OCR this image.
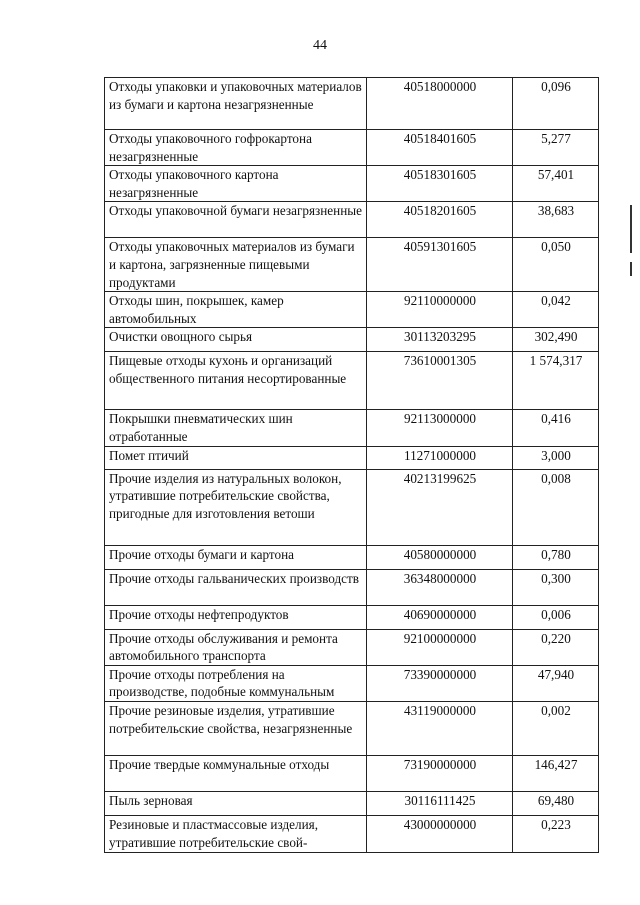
44
Отходы упаковки и упаковочных материалов из бумаги и картона незагрязненные	40518000000	0,096
Отходы упаковочного гофрокартона незагрязненные	40518401605	5,277
Отходы упаковочного картона незагрязненные	40518301605	57,401
Отходы упаковочной бумаги незагрязненные	40518201605	38,683
Отходы упаковочных материалов из бумаги и картона, загрязненные пищевыми продуктами	40591301605	0,050
Отходы шин, покрышек, камер автомобильных	92110000000	0,042
Очистки овощного сырья	30113203295	302,490
Пищевые отходы кухонь и организаций общественного питания несортированные	73610001305	1 574,317
Покрышки пневматических шин отработанные	92113000000	0,416
Помет птичий	11271000000	3,000
Прочие изделия из натуральных волокон, утратившие потребительские свойства, пригодные для изготовления ветоши	40213199625	0,008
Прочие отходы бумаги и картона	40580000000	0,780
Прочие отходы гальванических производств	36348000000	0,300
Прочие отходы нефтепродуктов	40690000000	0,006
Прочие отходы обслуживания и ремонта автомобильного транспорта	92100000000	0,220
Прочие отходы потребления на производстве, подобные коммунальным	73390000000	47,940
Прочие резиновые изделия, утратившие потребительские свойства, незагрязненные	43119000000	0,002
Прочие твердые коммунальные отходы	73190000000	146,427
Пыль зерновая	30116111425	69,480
Резиновые и пластмассовые изделия, утратившие потребительские свой-	43000000000	0,223
